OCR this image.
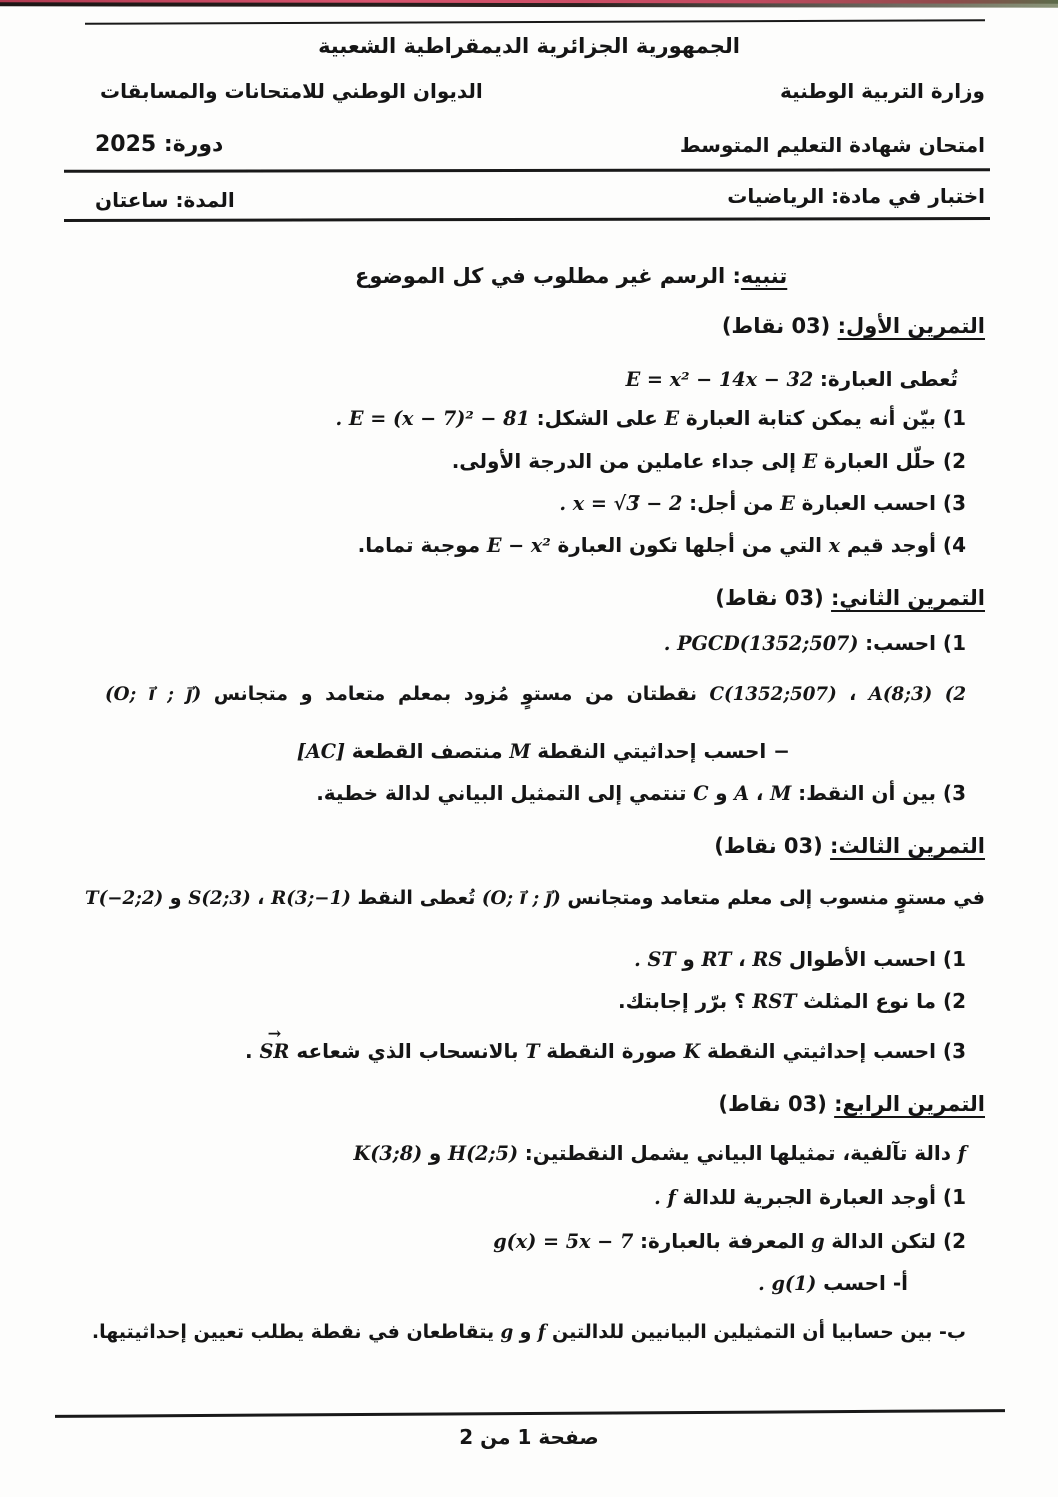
الجمهورية الجزائرية الديمقراطية الشعبية
وزارة التربية الوطنية
الديوان الوطني للامتحانات والمسابقات
امتحان شهادة التعليم المتوسط
دورة: 2025
اختبار في مادة: الرياضيات
المدة: ساعتان
تنبيه: الرسم غير مطلوب في كل الموضوع
التمرين الأول: (03 نقاط)
تُعطى العبارة: E = x² − 14x − 32
1) بيّن أنه يمكن كتابة العبارة E على الشكل: E = (x − 7)² − 81 .
2) حلّل العبارة E إلى جداء عاملين من الدرجة الأولى.
3) احسب العبارة E من أجل: x = √3̅ − 2 .
4) أوجد قيم x التي من أجلها تكون العبارة E − x² موجبة تماما.
التمرين الثاني: (03 نقاط)
1) احسب: PGCD(1352;507) .
2) A(8;3) ،‏ C(1352;507) نقطتان من مستوٍ مُزود بمعلم متعامد و متجانس (O; i⃗ ; j⃗)
− احسب إحداثيتي النقطة M منتصف القطعة [AC]
3) بين أن النقط: M ،‏ A و C تنتمي إلى التمثيل البياني لدالة خطية.
التمرين الثالث: (03 نقاط)
في مستوٍ منسوب إلى معلم متعامد ومتجانس (O; i⃗ ; j⃗) تُعطى النقط R(3;−1) ،‏ S(2;3) و T(−2;2)
1) احسب الأطوال RS ،‏ RT و ST .
2) ما نوع المثلث RST ؟ برّر إجابتك.
3) احسب إحداثيتي النقطة K صورة النقطة T بالانسحاب الذي شعاعه SR → .
التمرين الرابع: (03 نقاط)
f دالة تآلفية، تمثيلها البياني يشمل النقطتين: H(2;5) و K(3;8)
1) أوجد العبارة الجبرية للدالة f .
2) لتكن الدالة g المعرفة بالعبارة: g(x) = 5x − 7
أ- احسب g(1) .
ب- بين حسابيا أن التمثيلين البيانيين للدالتين f و g يتقاطعان في نقطة يطلب تعيين إحداثيتيها.
صفحة 1 من 2
